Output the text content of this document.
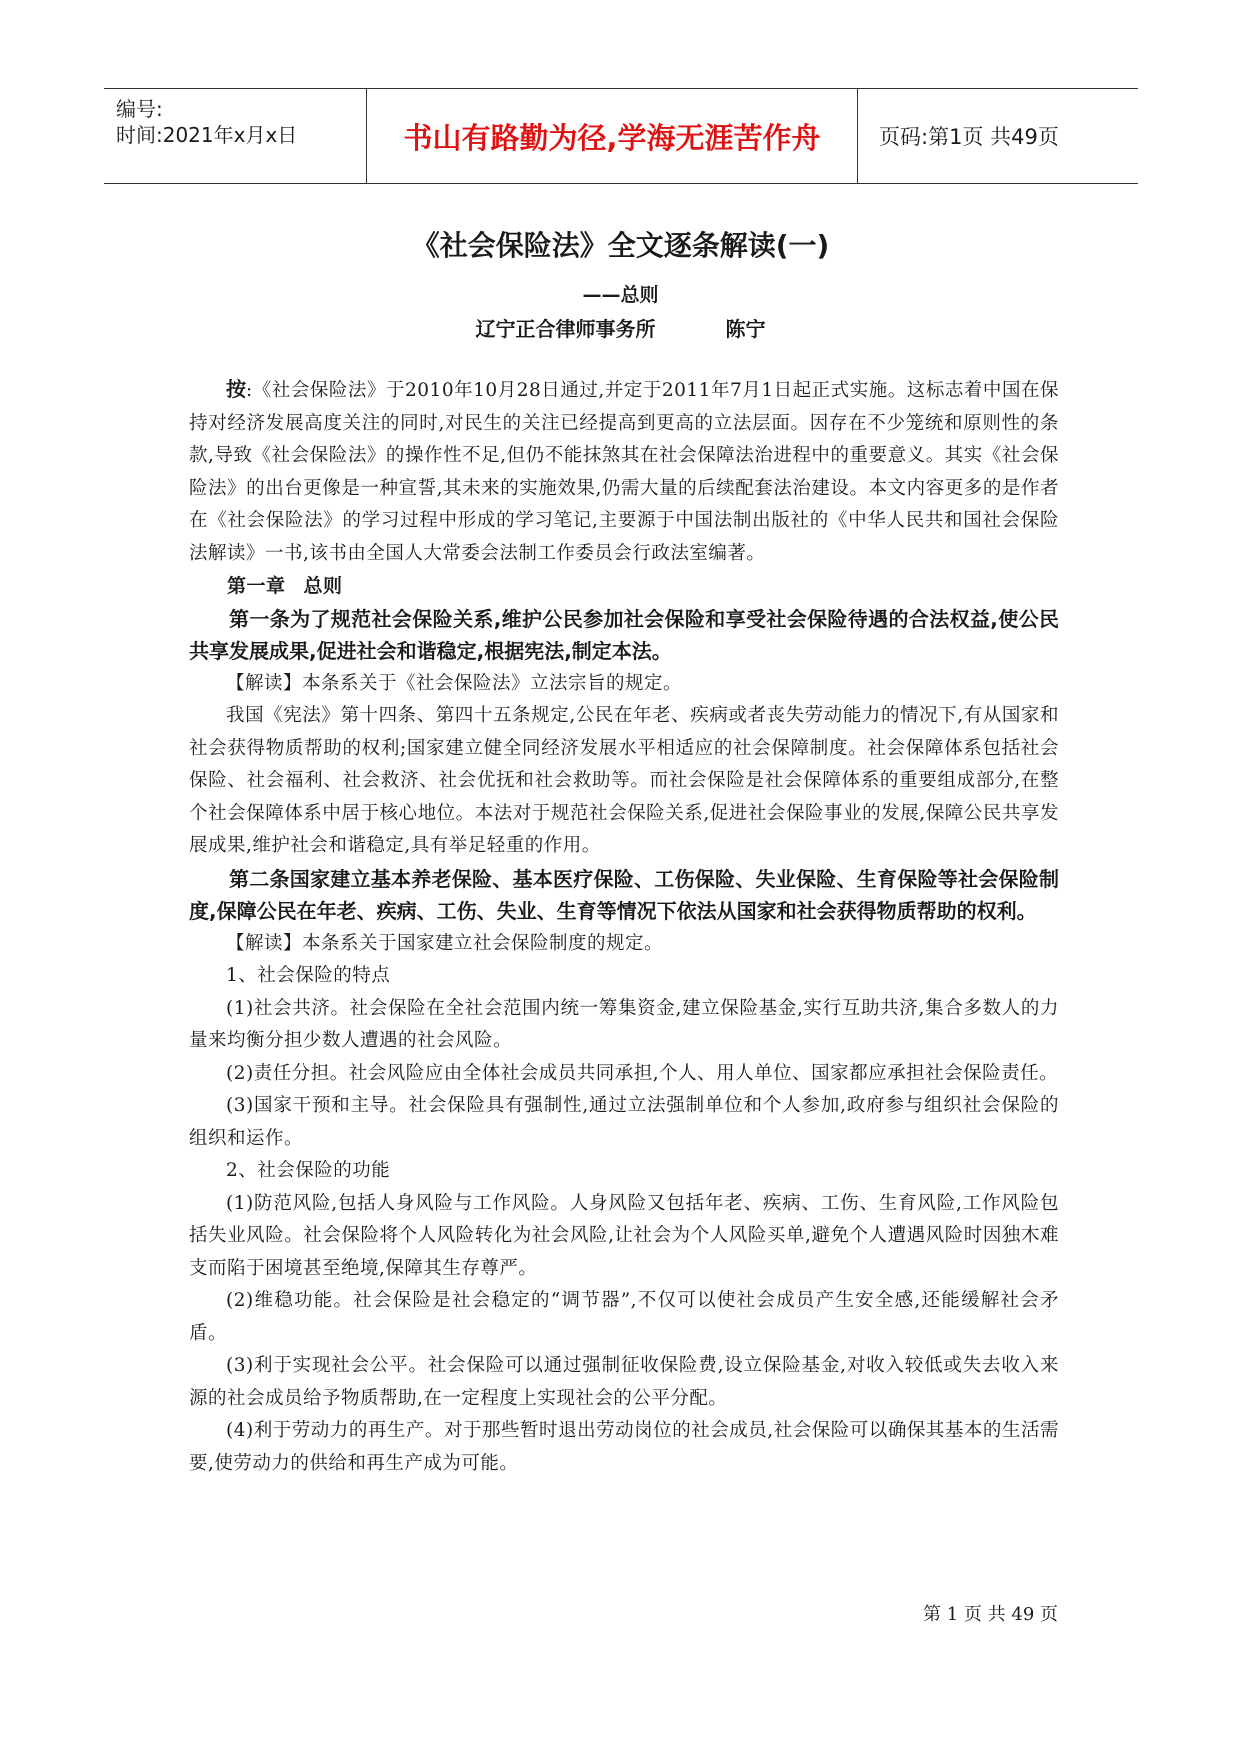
编号:
时间:2021年x月x日	书山有路勤为径,学海无涯苦作舟	页码:第1页 共49页
《社会保险法》全文逐条解读(一)
——总则
辽宁正合律师事务所	陈宁

按:《社会保险法》于2010年10月28日通过,并定于2011年7月1日起正式实施。这标志着中国在保持对经济发展高度关注的同时,对民生的关注已经提高到更高的立法层面。因存在不少笼统和原则性的条款,导致《社会保险法》的操作性不足,但仍不能抹煞其在社会保障法治进程中的重要意义。其实《社会保险法》的出台更像是一种宣誓,其未来的实施效果,仍需大量的后续配套法治建设。本文内容更多的是作者在《社会保险法》的学习过程中形成的学习笔记,主要源于中国法制出版社的《中华人民共和国社会保险法解读》一书,该书由全国人大常委会法制工作委员会行政法室编著。

第一章 总则

第一条为了规范社会保险关系,维护公民参加社会保险和享受社会保险待遇的合法权益,使公民共享发展成果,促进社会和谐稳定,根据宪法,制定本法。

【解读】本条系关于《社会保险法》立法宗旨的规定。

我国《宪法》第十四条、第四十五条规定,公民在年老、疾病或者丧失劳动能力的情况下,有从国家和社会获得物质帮助的权利;国家建立健全同经济发展水平相适应的社会保障制度。社会保障体系包括社会保险、社会福利、社会救济、社会优抚和社会救助等。而社会保险是社会保障体系的重要组成部分,在整个社会保障体系中居于核心地位。本法对于规范社会保险关系,促进社会保险事业的发展,保障公民共享发展成果,维护社会和谐稳定,具有举足轻重的作用。

第二条国家建立基本养老保险、基本医疗保险、工伤保险、失业保险、生育保险等社会保险制度,保障公民在年老、疾病、工伤、失业、生育等情况下依法从国家和社会获得物质帮助的权利。

【解读】本条系关于国家建立社会保险制度的规定。

1、社会保险的特点

(1)社会共济。社会保险在全社会范围内统一筹集资金,建立保险基金,实行互助共济,集合多数人的力量来均衡分担少数人遭遇的社会风险。

(2)责任分担。社会风险应由全体社会成员共同承担,个人、用人单位、国家都应承担社会保险责任。

(3)国家干预和主导。社会保险具有强制性,通过立法强制单位和个人参加,政府参与组织社会保险的组织和运作。

2、社会保险的功能

(1)防范风险,包括人身风险与工作风险。人身风险又包括年老、疾病、工伤、生育风险,工作风险包括失业风险。社会保险将个人风险转化为社会风险,让社会为个人风险买单,避免个人遭遇风险时因独木难支而陷于困境甚至绝境,保障其生存尊严。

(2)维稳功能。社会保险是社会稳定的“调节器”,不仅可以使社会成员产生安全感,还能缓解社会矛盾。

(3)利于实现社会公平。社会保险可以通过强制征收保险费,设立保险基金,对收入较低或失去收入来源的社会成员给予物质帮助,在一定程度上实现社会的公平分配。

(4)利于劳动力的再生产。对于那些暂时退出劳动岗位的社会成员,社会保险可以确保其基本的生活需要,使劳动力的供给和再生产成为可能。

第 1 页 共 49 页
